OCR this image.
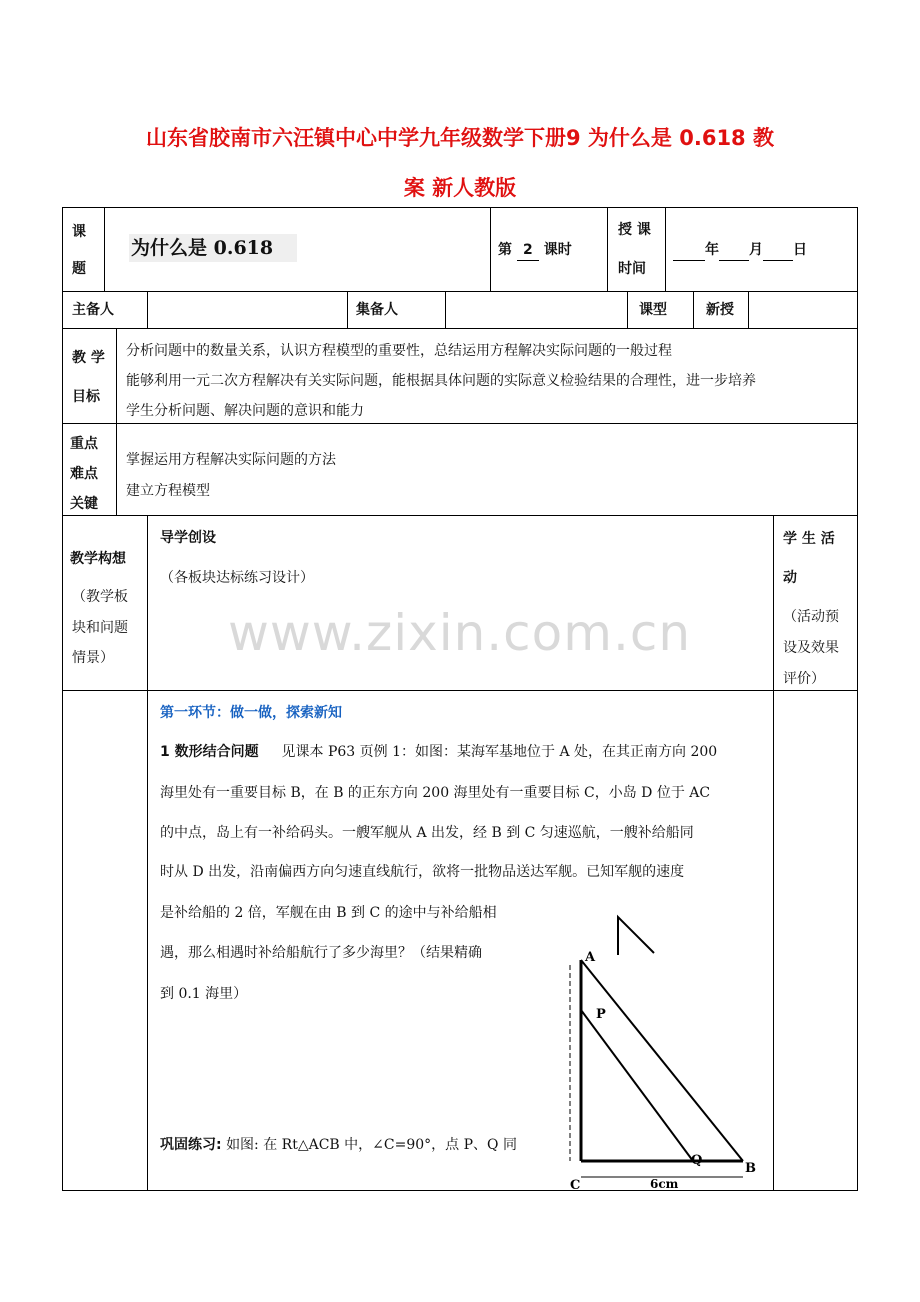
山东省胶南市六汪镇中心中学九年级数学下册9 为什么是 0.618 教
案 新人教版
课
题
为什么是 0.618	第 2 课时
授 课
时间
年 月 日
主备人	集备人	课型	新授
教 学
目标
分析问题中的数量关系，认识方程模型的重要性，总结运用方程解决实际问题的一般过程
能够利用一元二次方程解决有关实际问题，能根据具体问题的实际意义检验结果的合理性，进一步培养
学生分析问题、解决问题的意识和能力
重点
难点
关键
掌握运用方程解决实际问题的方法
建立方程模型
教学构想
（教学板
块和问题
情景）
导学创设
（各板块达标练习设计）
学 生 活
动
（活动预
设及效果
评价）
www.zixin.com.cn
第一环节：做一做，探索新知
1 数形结合问题 见课本 P63 页例 1：如图：某海军基地位于 A 处，在其正南方向 200
海里处有一重要目标 B，在 B 的正东方向 200 海里处有一重要目标 C，小岛 D 位于 AC
的中点，岛上有一补给码头。一艘军舰从 A 出发，经 B 到 C 匀速巡航，一艘补给船同
时从 D 出发，沿南偏西方向匀速直线航行，欲将一批物品送达军舰。已知军舰的速度
是补给船的 2 倍，军舰在由 B 到 C 的途中与补给船相
遇，那么相遇时补给船航行了多少海里？（结果精确
到 0.1 海里）
巩固练习: 如图: 在 Rt△ACB 中，∠C=90°，点 P、Q 同
A
P
Q
B
C	6cm
